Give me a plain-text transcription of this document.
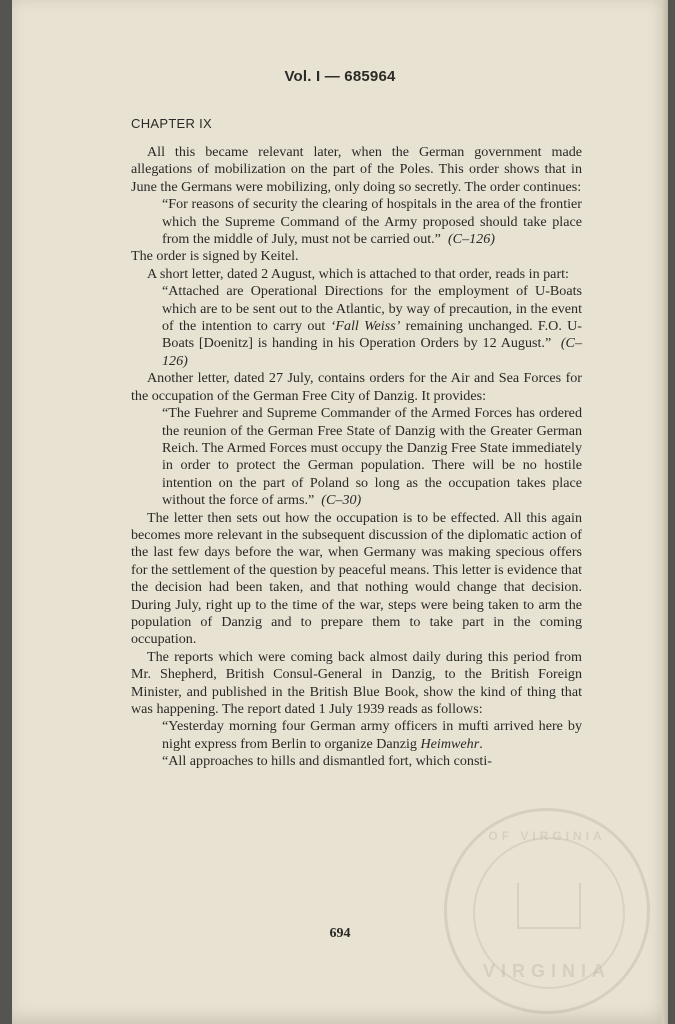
Vol. I — 685964
CHAPTER IX

All this became relevant later, when the German government made allegations of mobilization on the part of the Poles. This order shows that in June the Germans were mobilizing, only doing so secretly. The order continues:

“For reasons of security the clearing of hospitals in the area of the frontier which the Supreme Command of the Army proposed should take place from the middle of July, must not be carried out.” (C–126)

The order is signed by Keitel.

A short letter, dated 2 August, which is attached to that order, reads in part:

“Attached are Operational Directions for the employment of U-Boats which are to be sent out to the Atlantic, by way of precaution, in the event of the intention to carry out ‘Fall Weiss’ remaining unchanged. F.O. U-Boats [Doenitz] is handing in his Operation Orders by 12 August.” (C–126)

Another letter, dated 27 July, contains orders for the Air and Sea Forces for the occupation of the German Free City of Danzig. It provides:

“The Fuehrer and Supreme Commander of the Armed Forces has ordered the reunion of the German Free State of Danzig with the Greater German Reich. The Armed Forces must occupy the Danzig Free State immediately in order to protect the German population. There will be no hostile intention on the part of Poland so long as the occupation takes place without the force of arms.” (C–30)

The letter then sets out how the occupation is to be effected. All this again becomes more relevant in the subsequent discussion of the diplomatic action of the last few days before the war, when Germany was making specious offers for the settlement of the question by peaceful means. This letter is evidence that the decision had been taken, and that nothing would change that decision. During July, right up to the time of the war, steps were being taken to arm the population of Danzig and to prepare them to take part in the coming occupation.

The reports which were coming back almost daily during this period from Mr. Shepherd, British Consul-General in Danzig, to the British Foreign Minister, and published in the British Blue Book, show the kind of thing that was happening. The report dated 1 July 1939 reads as follows:

“Yesterday morning four German army officers in mufti arrived here by night express from Berlin to organize Danzig Heimwehr.

“All approaches to hills and dismantled fort, which consti-

OF VIRGINIA
VIRGINIA
694
